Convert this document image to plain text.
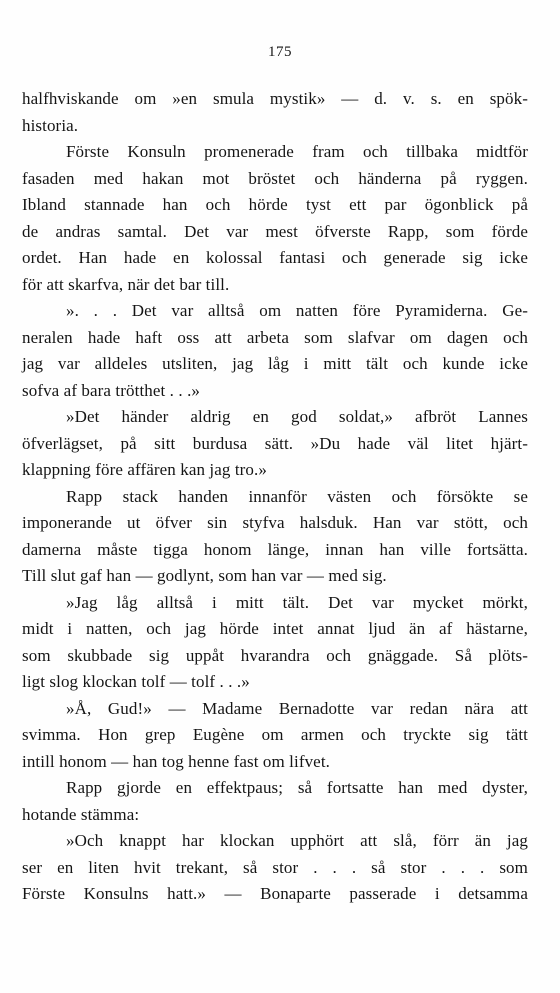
175
halfhviskande om »en smula mystik» — d. v. s. en spök-
historia.
Förste Konsuln promenerade fram och tillbaka midtför
fasaden med hakan mot bröstet och händerna på ryggen.
Ibland stannade han och hörde tyst ett par ögonblick på
de andras samtal. Det var mest öfverste Rapp, som förde
ordet. Han hade en kolossal fantasi och generade sig icke
för att skarfva, när det bar till.
». . . Det var alltså om natten före Pyramiderna. Ge-
neralen hade haft oss att arbeta som slafvar om dagen och
jag var alldeles utsliten, jag låg i mitt tält och kunde icke
sofva af bara trötthet . . .»
»Det händer aldrig en god soldat,» afbröt Lannes
öfverlägset, på sitt burdusa sätt. »Du hade väl litet hjärt-
klappning före affären kan jag tro.»
Rapp stack handen innanför västen och försökte se
imponerande ut öfver sin styfva halsduk. Han var stött, och
damerna måste tigga honom länge, innan han ville fortsätta.
Till slut gaf han — godlynt, som han var — med sig.
»Jag låg alltså i mitt tält. Det var mycket mörkt,
midt i natten, och jag hörde intet annat ljud än af hästarne,
som skubbade sig uppåt hvarandra och gnäggade. Så plöts-
ligt slog klockan tolf — tolf . . .»
»Å, Gud!» — Madame Bernadotte var redan nära att
svimma. Hon grep Eugène om armen och tryckte sig tätt
intill honom — han tog henne fast om lifvet.
Rapp gjorde en effektpaus; så fortsatte han med dyster,
hotande stämma:
»Och knappt har klockan upphört att slå, förr än jag
ser en liten hvit trekant, så stor . . . så stor . . . som
Förste Konsulns hatt.» — Bonaparte passerade i detsamma
